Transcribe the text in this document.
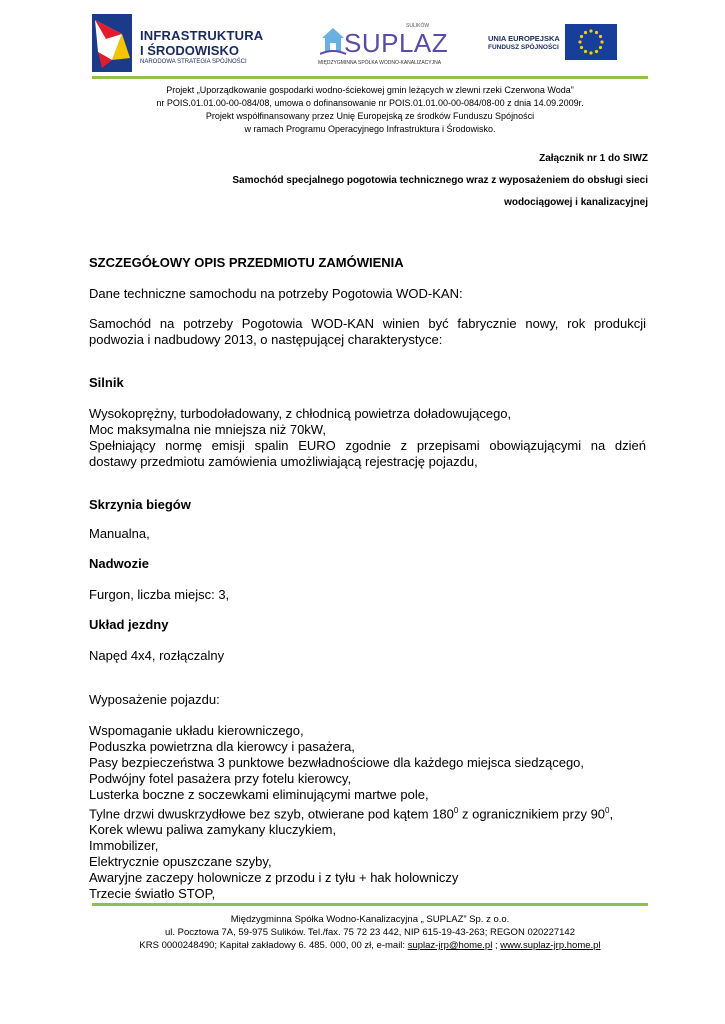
INFRASTRUKTURA
I ŚRODOWISKO
NARODOWA STRATEGIA SPÓJNOŚCI
SULIKÓW
SUPLAZ
MIĘDZYGMINNA SPÓŁKA WODNO-KANALIZACYJNA
UNIA EUROPEJSKA
FUNDUSZ SPÓJNOŚCI
Projekt „Uporządkowanie gospodarki wodno-ściekowej gmin leżących w zlewni rzeki Czerwona Woda”
nr POIS.01.01.00-00-084/08, umowa o dofinansowanie nr POIS.01.01.00-00-084/08-00 z dnia 14.09.2009r.
Projekt współfinansowany przez Unię Europejską ze środków Funduszu Spójności
w ramach Programu Operacyjnego Infrastruktura i Środowisko.
Załącznik nr 1 do SIWZ
Samochód specjalnego pogotowia technicznego wraz z wyposażeniem do obsługi sieci
wodociągowej i kanalizacyjnej
SZCZEGÓŁOWY OPIS PRZEDMIOTU ZAMÓWIENIA
Dane techniczne samochodu na potrzeby Pogotowia WOD-KAN:

Samochód na potrzeby Pogotowia WOD-KAN winien być fabrycznie nowy, rok produkcji

podwozia i nadbudowy 2013, o następującej charakterystyce:

Silnik

Wysokoprężny, turbodoładowany, z chłodnicą powietrza doładowującego,

Moc maksymalna nie mniejsza niż 70kW,

Spełniający normę emisji spalin EURO zgodnie z przepisami obowiązującymi na dzień

dostawy przedmiotu zamówienia umożliwiającą rejestrację pojazdu,

Skrzynia biegów
Manualna,
Nadwozie
Furgon, liczba miejsc: 3,
Układ jezdny
Napęd 4x4, rozłączalny
Wyposażenie pojazdu:
Wspomaganie układu kierowniczego,
Poduszka powietrzna dla kierowcy i pasażera,
Pasy bezpieczeństwa 3 punktowe bezwładnościowe dla każdego miejsca siedzącego,
Podwójny fotel pasażera przy fotelu kierowcy,
Lusterka boczne z soczewkami eliminującymi martwe pole,
Tylne drzwi dwuskrzydłowe bez szyb, otwierane pod kątem $180^0$ z ogranicznikiem przy $90^0$,
Korek wlewu paliwa zamykany kluczykiem,
Immobilizer,
Elektrycznie opuszczane szyby,
Awaryjne zaczepy holownicze z przodu i z tyłu + hak holowniczy
Trzecie światło STOP,
Międzygminna Spółka Wodno-Kanalizacyjna „ SUPLAZ” Sp. z o.o.
ul. Pocztowa 7A, 59-975 Sulików. Tel./fax. 75 72 23 442, NIP 615-19-43-263; REGON 020227142
KRS 0000248490; Kapitał zakładowy 6. 485. 000, 00 zł, e-mail: suplaz-jrp@home.pl ; www.suplaz-jrp.home.pl
